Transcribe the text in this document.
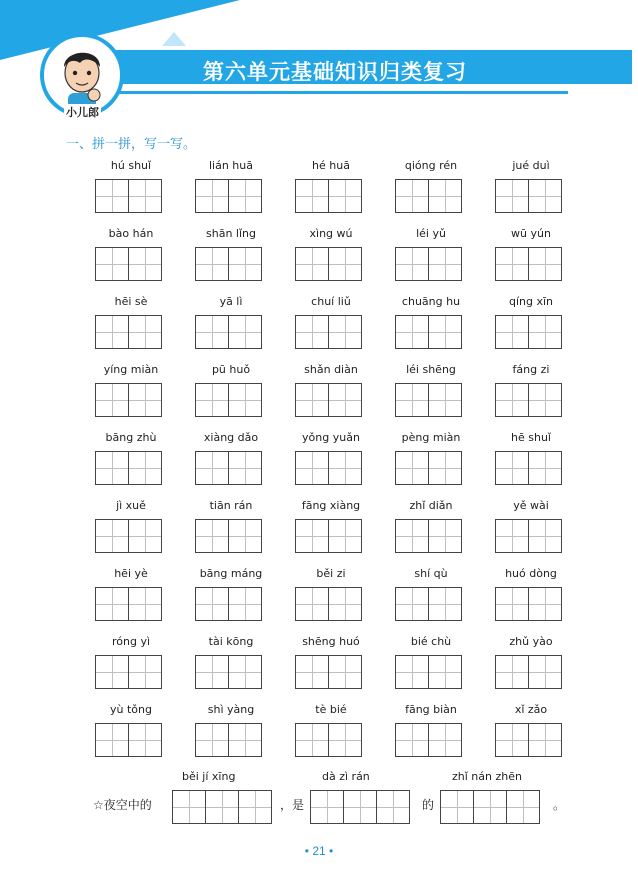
第六单元基础知识归类复习
小儿郎
一、拼一拼，写一写。
hú shuǐ	lián huā	hé huā	qióng rén	jué duì
bào hán	shān lǐng	xìng wú	léi yǔ	wū yún
hēi sè	yā lì	chuí liǔ	chuāng hu	qíng xīn
yíng miàn	pū huǒ	shǎn diàn	léi shēng	fáng zi
bāng zhù	xiàng dǎo	yǒng yuǎn	pèng miàn	hē shuǐ
jì xuě	tiān rán	fāng xiàng	zhǐ diǎn	yě wài
hēi yè	bāng máng	běi zi	shí qù	huó dòng
róng yì	tài kōng	shēng huó	bié chù	zhǔ yào
yù tǒng	shì yàng	tè bié	fāng biàn	xǐ zǎo
běi jí xīng	dà zì rán	zhǐ nán zhēn
☆夜空中的	，是	的	。
• 21 •
